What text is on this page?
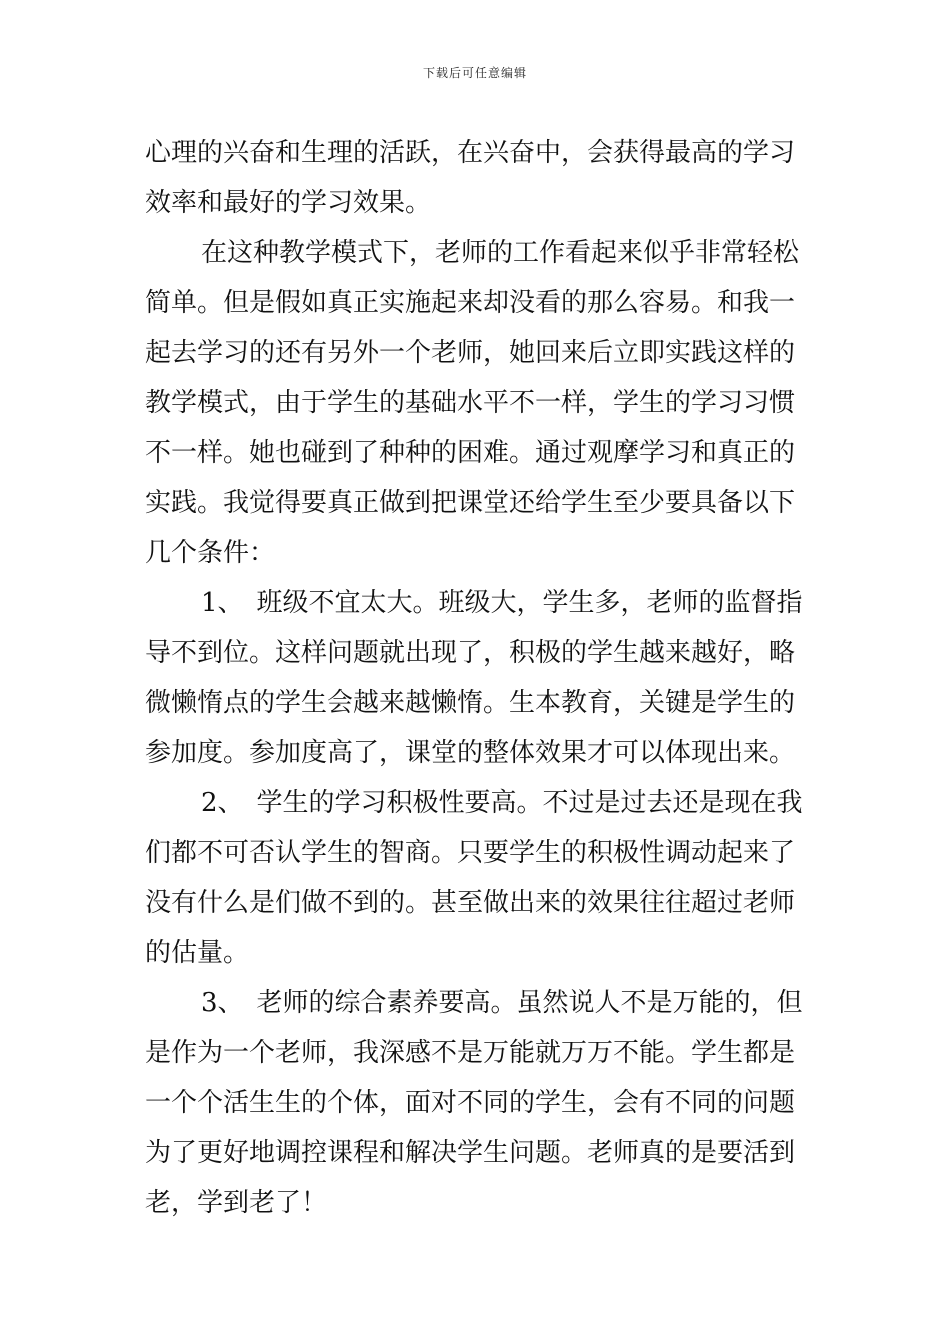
下载后可任意编辑
心理的兴奋和生理的活跃，在兴奋中，会获得最高的学习
效率和最好的学习效果。
在这种教学模式下，老师的工作看起来似乎非常轻松
简单。但是假如真正实施起来却没看的那么容易。和我一
起去学习的还有另外一个老师，她回来后立即实践这样的
教学模式，由于学生的基础水平不一样，学生的学习习惯
不一样。她也碰到了种种的困难。通过观摩学习和真正的
实践。我觉得要真正做到把课堂还给学生至少要具备以下
几个条件：
1、　班级不宜太大。班级大，学生多，老师的监督指
导不到位。这样问题就出现了，积极的学生越来越好，略
微懒惰点的学生会越来越懒惰。生本教育，关键是学生的
参加度。参加度高了，课堂的整体效果才可以体现出来。
2、　学生的学习积极性要高。不过是过去还是现在我
们都不可否认学生的智商。只要学生的积极性调动起来了
没有什么是们做不到的。甚至做出来的效果往往超过老师
的估量。
3、　老师的综合素养要高。虽然说人不是万能的，但
是作为一个老师，我深感不是万能就万万不能。学生都是
一个个活生生的个体，面对不同的学生，会有不同的问题
为了更好地调控课程和解决学生问题。老师真的是要活到
老，学到老了！
